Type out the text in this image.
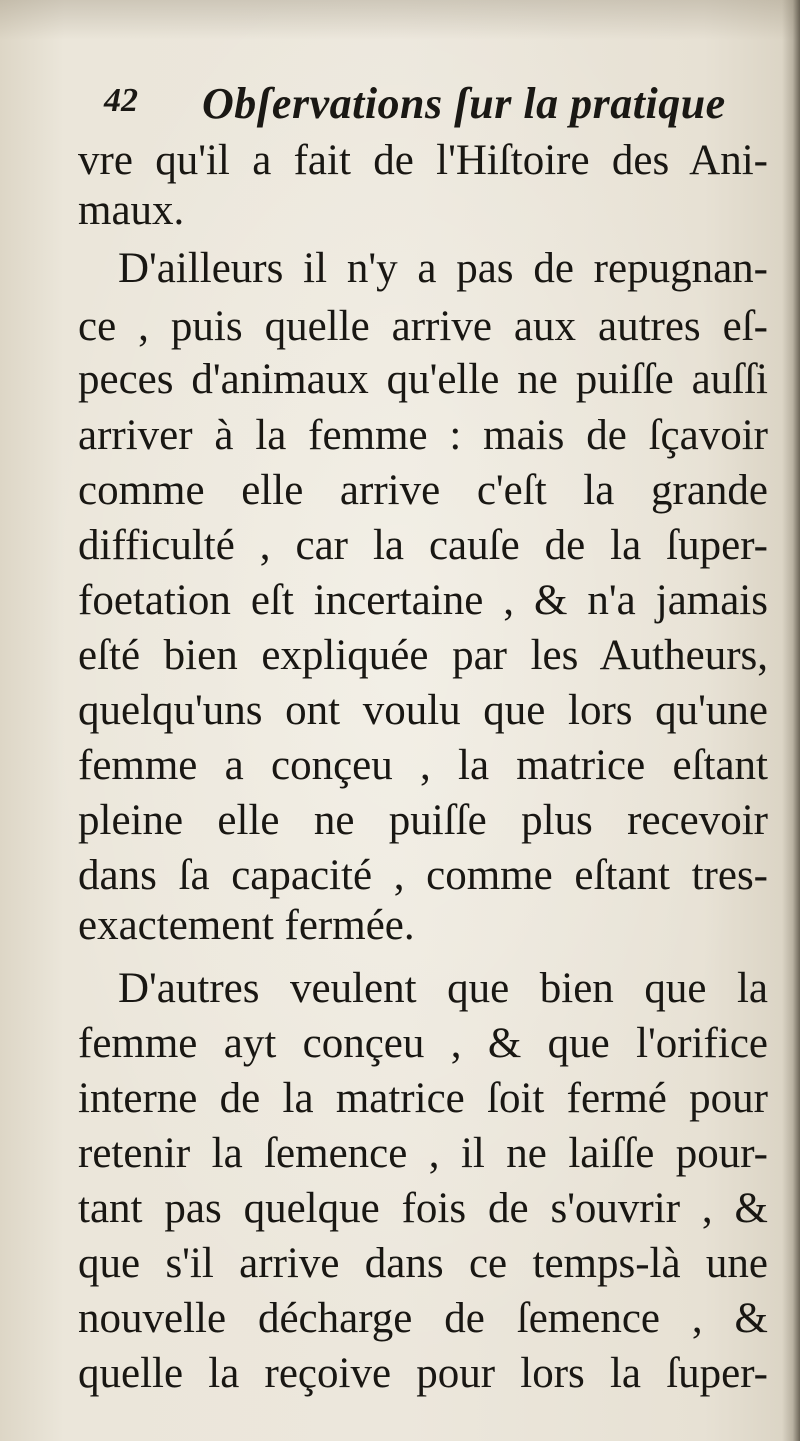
42 Obſervations ſur la pratique
vre qu'il a fait de l'Hiſtoire des Ani-
maux.
D'ailleurs il n'y a pas de repugnan-
ce , puis quelle arrive aux autres eſ-
peces d'animaux qu'elle ne puiſſe auſſi
arriver à la femme : mais de ſçavoir
comme elle arrive c'eſt la grande
difficulté , car la cauſe de la ſuper-
foetation eſt incertaine , & n'a jamais
eſté bien expliquée par les Autheurs,
quelqu'uns ont voulu que lors qu'une
femme a conçeu , la matrice eſtant
pleine elle ne puiſſe plus recevoir
dans ſa capacité , comme eſtant tres-
exactement fermée.
D'autres veulent que bien que la
femme ayt conçeu , & que l'orifice
interne de la matrice ſoit fermé pour
retenir la ſemence , il ne laiſſe pour-
tant pas quelque fois de s'ouvrir , &
que s'il arrive dans ce temps-là une
nouvelle décharge de ſemence , &
quelle la reçoive pour lors la ſuper-
